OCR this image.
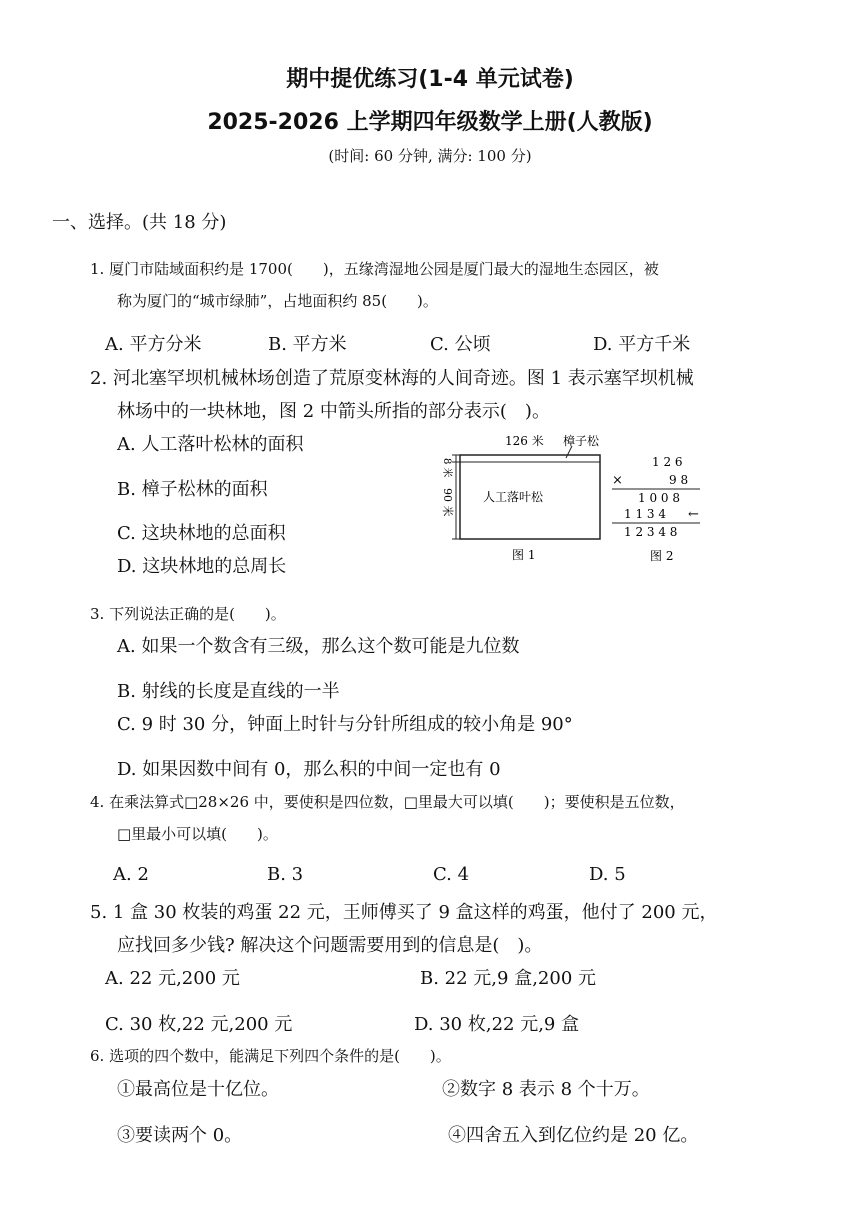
期中提优练习(1-4 单元试卷)
2025-2026 上学期四年级数学上册(人教版)
(时间: 60 分钟, 满分: 100 分)
一、选择。(共 18 分)
1. 厦门市陆域面积约是 1700(　　)，五缘湾湿地公园是厦门最大的湿地生态园区，被
称为厦门的“城市绿肺”，占地面积约 85(　　)。
A. 平方分米	B. 平方米	C. 公顷	D. 平方千米
2. 河北塞罕坝机械林场创造了荒原变林海的人间奇迹。图 1 表示塞罕坝机械
林场中的一块林地，图 2 中箭头所指的部分表示(　)。
A. 人工落叶松林的面积
B. 樟子松林的面积
C. 这块林地的总面积
D. 这块林地的总周长
126 米 樟子松
8 米
90 米 人工落叶松
图 1
1 2 6
×	9 8
1 0 0 8
1 1 3 4 ←
1 2 3 4 8
图 2
3. 下列说法正确的是(　　)。
A. 如果一个数含有三级，那么这个数可能是九位数
B. 射线的长度是直线的一半
C. 9 时 30 分，钟面上时针与分针所组成的较小角是 90°
D. 如果因数中间有 0，那么积的中间一定也有 0
4. 在乘法算式□28×26 中，要使积是四位数，□里最大可以填(　　)；要使积是五位数，
□里最小可以填(　　)。
A. 2	B. 3	C. 4	D. 5
5. 1 盒 30 枚装的鸡蛋 22 元，王师傅买了 9 盒这样的鸡蛋，他付了 200 元，
应找回多少钱? 解决这个问题需要用到的信息是(　)。
A. 22 元,200 元	B. 22 元,9 盒,200 元
C. 30 枚,22 元,200 元	D. 30 枚,22 元,9 盒
6. 选项的四个数中，能满足下列四个条件的是(　　)。
①最高位是十亿位。	②数字 8 表示 8 个十万。
③要读两个 0。	④四舍五入到亿位约是 20 亿。
